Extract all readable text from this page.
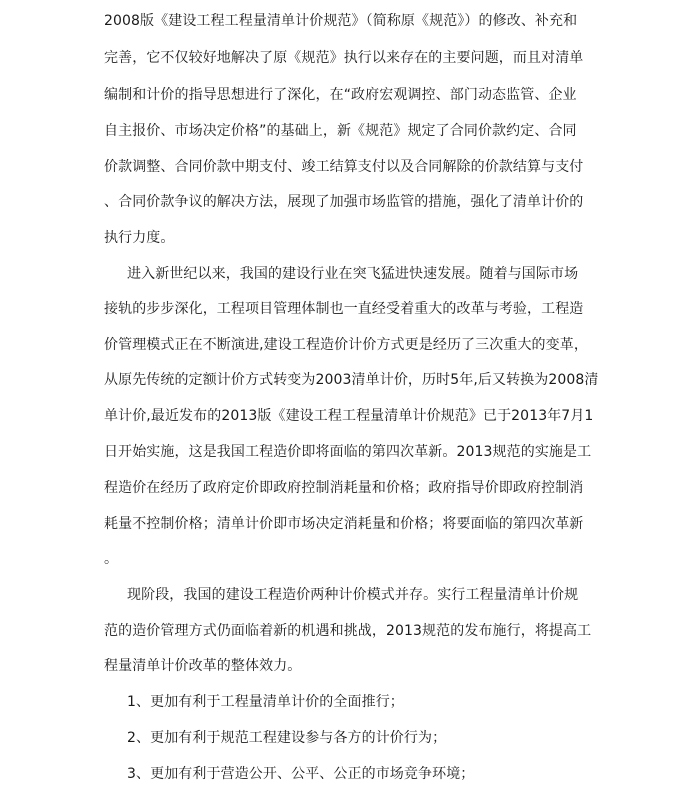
2008版《建设工程工程量清单计价规范》（简称原《规范》）的修改、补充和
完善，它不仅较好地解决了原《规范》执行以来存在的主要问题，而且对清单
编制和计价的指导思想进行了深化，在“政府宏观调控、部门动态监管、企业
自主报价、市场决定价格”的基础上，新《规范》规定了合同价款约定、合同
价款调整、合同价款中期支付、竣工结算支付以及合同解除的价款结算与支付
、合同价款争议的解决方法，展现了加强市场监管的措施，强化了清单计价的
执行力度。
进入新世纪以来，我国的建设行业在突飞猛进快速发展。随着与国际市场
接轨的步步深化，工程项目管理体制也一直经受着重大的改革与考验，工程造
价管理模式正在不断演进,建设工程造价计价方式更是经历了三次重大的变革，
从原先传统的定额计价方式转变为2003清单计价，历时5年,后又转换为2008清
单计价,最近发布的2013版《建设工程工程量清单计价规范》已于2013年7月1
日开始实施，这是我国工程造价即将面临的第四次革新。2013规范的实施是工
程造价在经历了政府定价即政府控制消耗量和价格；政府指导价即政府控制消
耗量不控制价格；清单计价即市场决定消耗量和价格；将要面临的第四次革新
。
现阶段，我国的建设工程造价两种计价模式并存。实行工程量清单计价规
范的造价管理方式仍面临着新的机遇和挑战，2013规范的发布施行，将提高工
程量清单计价改革的整体效力。
1、更加有利于工程量清单计价的全面推行；
2、更加有利于规范工程建设参与各方的计价行为；
3、更加有利于营造公开、公平、公正的市场竞争环境；
